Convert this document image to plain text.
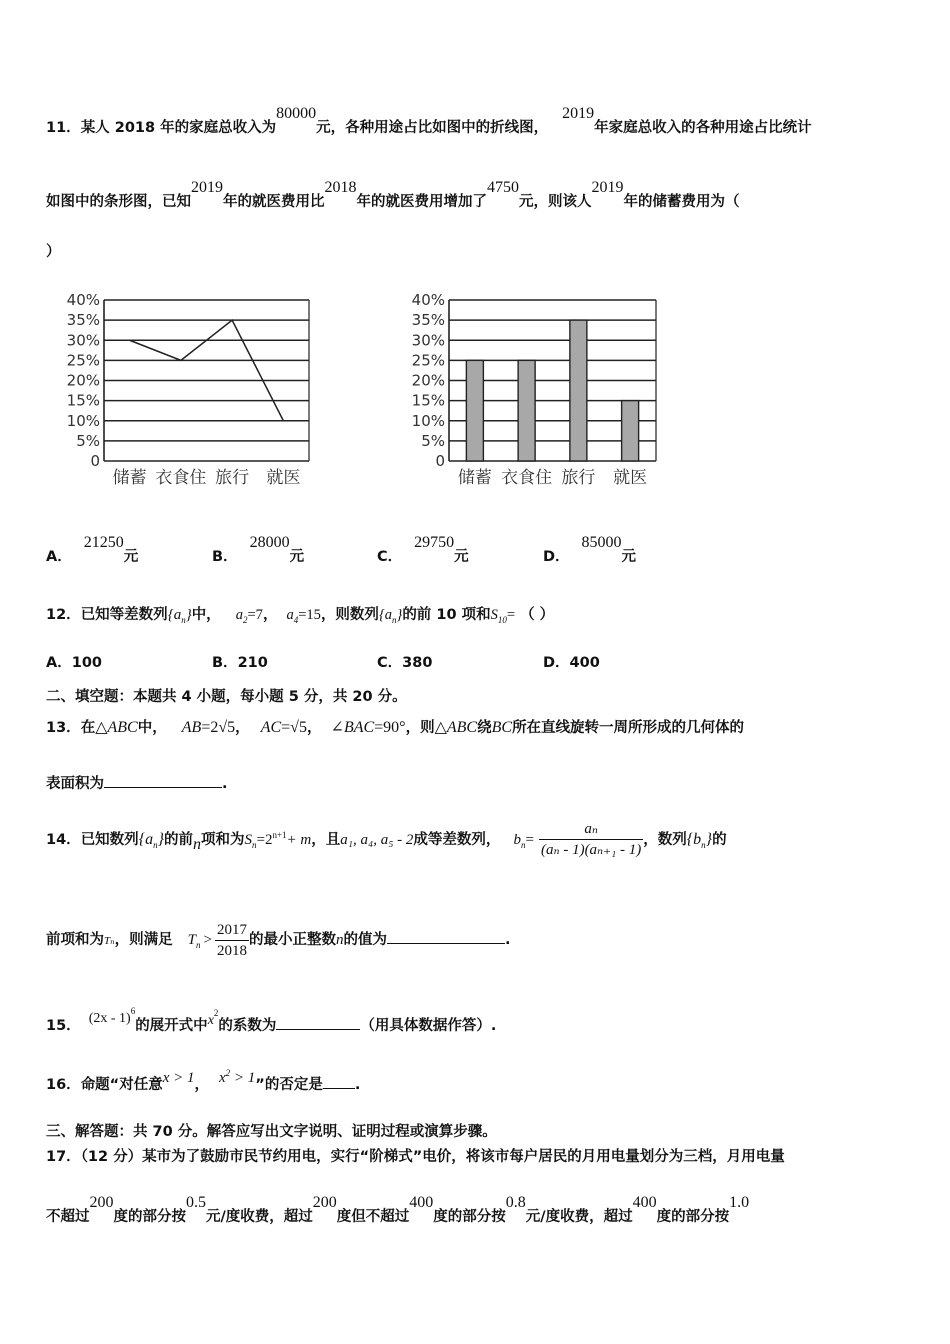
11．某人 2018 年的家庭总收入为80000元，各种用途占比如图中的折线图，2019年家庭总收入的各种用途占比统计
如图中的条形图，已知2019年的就医费用比2018年的就医费用增加了4750元，则该人2019年的储蓄费用为（
）
0
5%
10%
15%
20%
25%
30%
35%
40%
储蓄 衣食住 旅行 就医
0
5%
10%
15%
20%
25%
30%
35%
40%
储蓄 衣食住 旅行 就医
A．21250元	B．28000元	C．29750元	D．85000元
12．已知等差数列$\{a_n\}$中， $a_2=7$， $a_4=15$，则数列$\{a_n\}$的前 10 项和$S_{10}=$ （ ）
A．100	B．210	C．380	D．400
二、填空题：本题共 4 小题，每小题 5 分，共 20 分。
13．在△ABC中， AB=2√5， AC=√5， ∠BAC=90°，则△ABC绕BC所在直线旋转一周所形成的几何体的
表面积为	.
14．已知数列$\{a_n\}$的前n项和为$S_n=2^{n+1}+ m$，且a₁, a₄, a₅ - 2成等差数列， $b_n= \frac{\text{aₙ}}{\text{(aₙ - 1)(aₙ₊₁ - 1)}}$ ，数列$\{b_n\}$的
前项和为Tₙ，则满足 $T_n > \frac{2017}{2018}$ 的最小正整数n的值为	.
15． (2x - 1)$^6$的展开式中$x^2$的系数为	（用具体数据作答）.
16．命题“对任意x > 1， $x^2 > 1$”的否定是 .
三、解答题：共 70 分。解答应写出文字说明、证明过程或演算步骤。
17．（12 分）某市为了鼓励市民节约用电，实行“阶梯式”电价，将该市每户居民的月用电量划分为三档，月用电量
不超过200度的部分按0.5元/度收费，超过200度但不超过400度的部分按0.8元/度收费，超过400度的部分按1.0
